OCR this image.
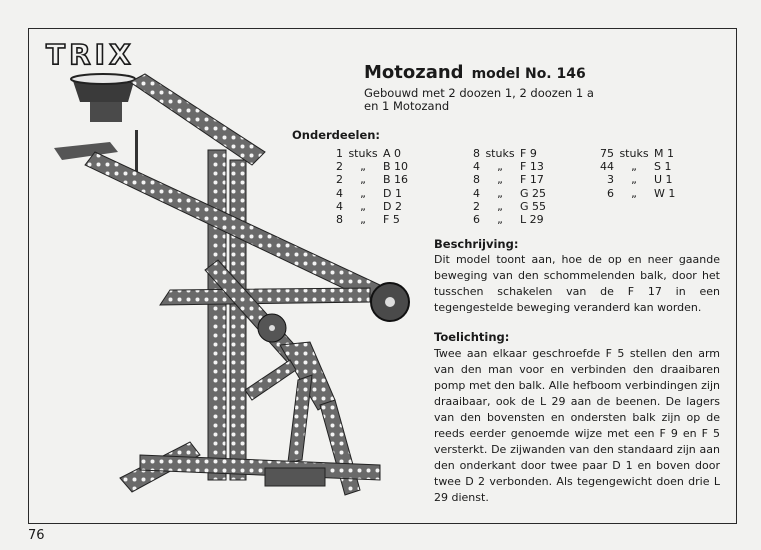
TRIX
Motozand model No. 146
Gebouwd met 2 doozen 1, 2 doozen 1 a
en 1 Motozand
Onderdeelen:
1 stuks A 0
2	„	B 10
2	„	B 16
4	„	D 1
4	„	D 2
8	„	F 5
8 stuks F 9
4	„	F 13
8	„	F 17
4	„	G 25
2	„	G 55
6	„	L 29
75 stuks M 1
44	„	S 1
3	„	U 1
6	„	W 1
Beschrijving:
Dit model toont aan, hoe de op en neer gaande beweging van den schommelenden balk, door het tusschen schakelen van de F 17 in een tegengestelde beweging veranderd kan worden.
Toelichting:
Twee aan elkaar geschroefde F 5 stellen den arm van den man voor en verbinden den draaibaren pomp met den balk. Alle hefboom verbindingen zijn draaibaar, ook de L 29 aan de beenen. De lagers van den bovensten en ondersten balk zijn op de reeds eerder genoemde wijze met een F 9 en F 5 versterkt. De zijwanden van den standaard zijn aan den onderkant door twee paar D 1 en boven door twee D 2 verbonden. Als tegengewicht doen drie L 29 dienst.
76
